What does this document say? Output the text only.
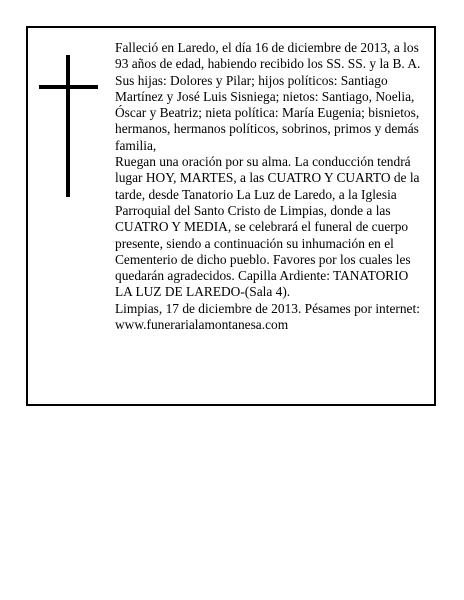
Falleció en Laredo, el día 16 de diciembre de 2013, a los 93 años de edad, habiendo recibido los SS. SS. y la B. A.

Sus hijas: Dolores y Pilar; hijos políticos: Santiago Martínez y José Luis Sisniega; nietos: Santiago, Noelia, Óscar y Beatriz; nieta política: María Eugenia; bisnietos, hermanos, hermanos políticos, sobrinos, primos y demás familia,

Ruegan una oración por su alma. La conducción tendrá lugar HOY, MARTES, a las CUATRO Y CUARTO de la tarde, desde Tanatorio La Luz de Laredo, a la Iglesia Parroquial del Santo Cristo de Limpias, donde a las CUATRO Y MEDIA, se celebrará el funeral de cuerpo presente, siendo a continuación su inhumación en el Cementerio de dicho pueblo. Favores por los cuales les quedarán agradecidos. Capilla Ardiente: TANATORIO LA LUZ DE LAREDO-(Sala 4).

Limpias, 17 de diciembre de 2013. Pésames por internet: www.funerarialamontanesa.com
